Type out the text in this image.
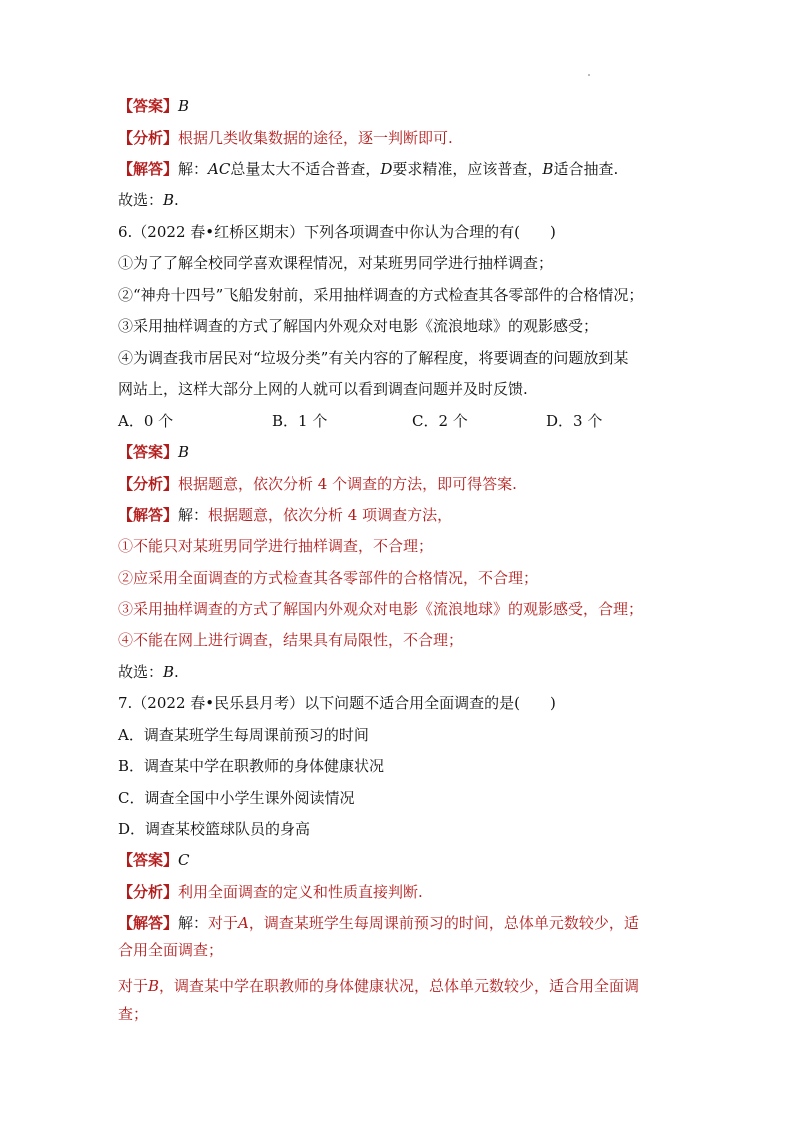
【答案】B
【分析】根据几类收集数据的途径，逐一判断即可.
【解答】解：AC总量太大不适合普查，D要求精准，应该普查，B适合抽查.
故选：B.
6.（2022 春•红桥区期末）下列各项调查中你认为合理的有(　　)
①为了了解全校同学喜欢课程情况，对某班男同学进行抽样调查；
②“神舟十四号”飞船发射前，采用抽样调查的方式检查其各零部件的合格情况；
③采用抽样调查的方式了解国内外观众对电影《流浪地球》的观影感受；
④为调查我市居民对“垃圾分类”有关内容的了解程度，将要调查的问题放到某
网站上，这样大部分上网的人就可以看到调查问题并及时反馈.
A．0 个	B．1 个	C．2 个	D．3 个
【答案】B
【分析】根据题意，依次分析 4 个调查的方法，即可得答案.
【解答】解：根据题意，依次分析 4 项调查方法，
①不能只对某班男同学进行抽样调查，不合理；
②应采用全面调查的方式检查其各零部件的合格情况，不合理；
③采用抽样调查的方式了解国内外观众对电影《流浪地球》的观影感受，合理；
④不能在网上进行调查，结果具有局限性，不合理；
故选：B.
7.（2022 春•民乐县月考）以下问题不适合用全面调查的是(　　)
A．调查某班学生每周课前预习的时间
B．调查某中学在职教师的身体健康状况
C．调查全国中小学生课外阅读情况
D．调查某校篮球队员的身高
【答案】C
【分析】利用全面调查的定义和性质直接判断.
【解答】解：对于A，调查某班学生每周课前预习的时间，总体单元数较少，适
合用全面调查；
对于B，调查某中学在职教师的身体健康状况，总体单元数较少，适合用全面调
查；
